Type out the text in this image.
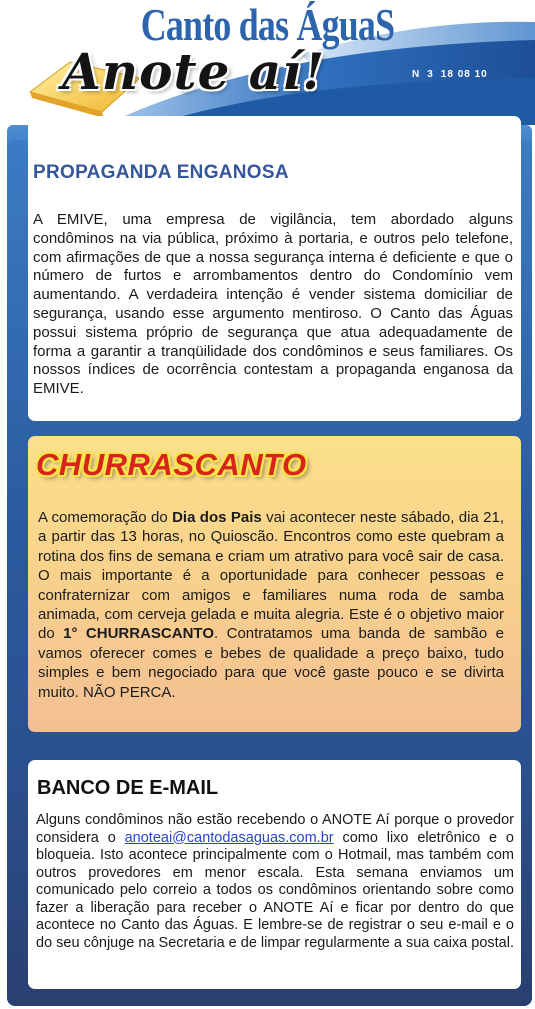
Canto das ÁguaS
Anote aí!	N 3 18 08 10
PROPAGANDA ENGANOSA

A EMIVE, uma empresa de vigilância, tem abordado alguns condôminos na via pública, próximo à portaria, e outros pelo telefone, com afirmações de que a nossa segurança interna é deficiente e que o número de furtos e arrombamentos dentro do Condomínio vem aumentando. A verdadeira intenção é vender sistema domiciliar de segurança, usando esse argumento mentiroso. O Canto das Águas possui sistema próprio de segurança que atua adequadamente de forma a garantir a tranqüilidade dos condôminos e seus familiares. Os nossos índices de ocorrência contestam a propaganda enganosa da EMIVE.

CHURRASCANTO

A comemoração do Dia dos Pais vai acontecer neste sábado, dia 21, a partir das 13 horas, no Quioscão. Encontros como este quebram a rotina dos fins de semana e criam um atrativo para você sair de casa. O mais importante é a oportunidade para conhecer pessoas e confraternizar com amigos e familiares numa roda de samba animada, com cerveja gelada e muita alegria. Este é o objetivo maior do 1° CHURRASCANTO. Contratamos uma banda de sambão e vamos oferecer comes e bebes de qualidade a preço baixo, tudo simples e bem negociado para que você gaste pouco e se divirta muito. NÃO PERCA.

BANCO DE E-MAIL

Alguns condôminos não estão recebendo o ANOTE Aí porque o provedor considera o anoteai@cantodasaguas.com.br como lixo eletrônico e o bloqueia. Isto acontece principalmente com o Hotmail, mas também com outros provedores em menor escala. Esta semana enviamos um comunicado pelo correio a todos os condôminos orientando sobre como fazer a liberação para receber o ANOTE Aí e ficar por dentro do que acontece no Canto das Águas. E lembre-se de registrar o seu e-mail e o do seu cônjuge na Secretaria e de limpar regularmente a sua caixa postal.
